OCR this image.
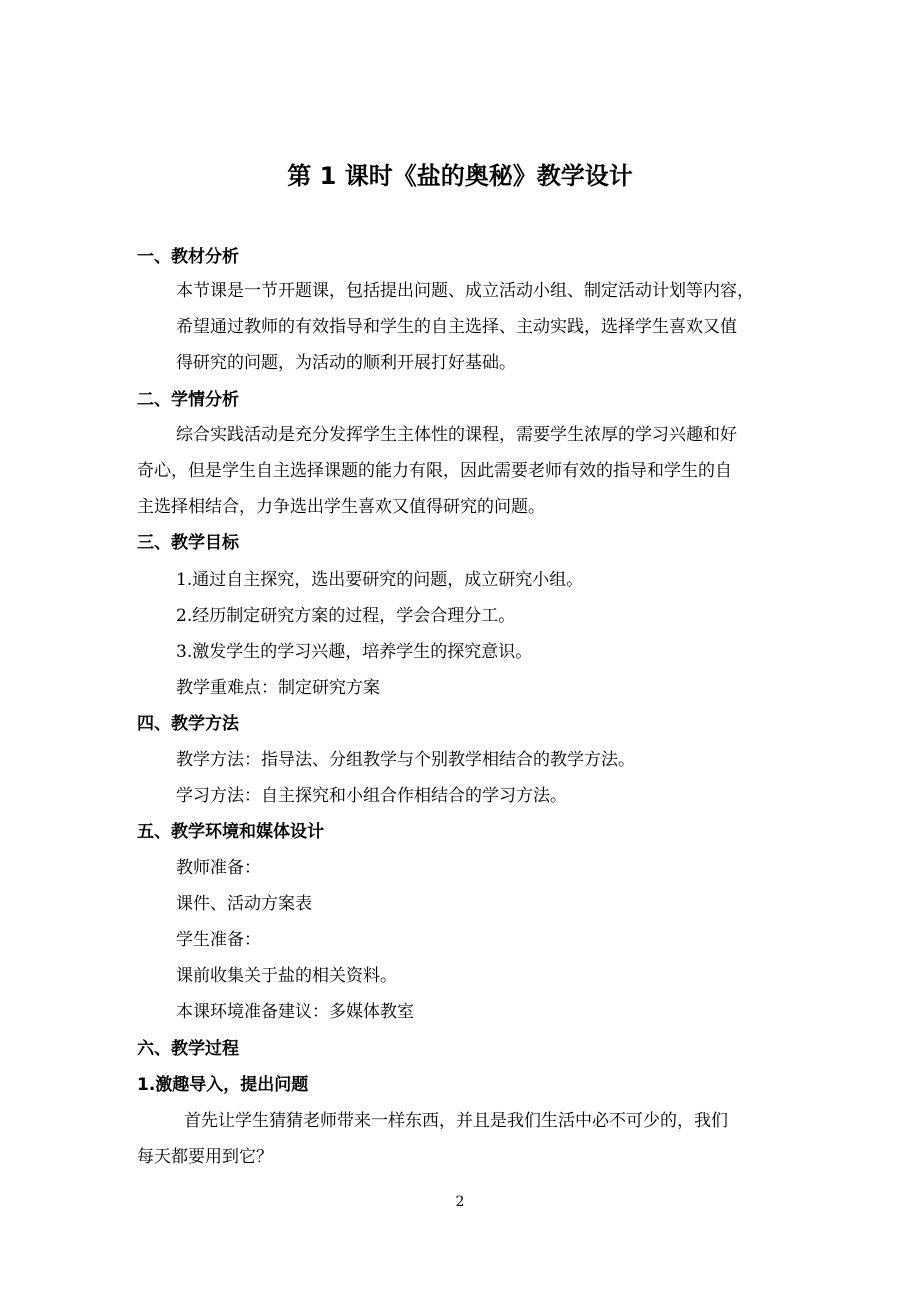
第 1 课时《盐的奥秘》教学设计
一、教材分析
本节课是一节开题课，包括提出问题、成立活动小组、制定活动计划等内容，
希望通过教师的有效指导和学生的自主选择、主动实践，选择学生喜欢又值
得研究的问题，为活动的顺利开展打好基础。
二、学情分析
综合实践活动是充分发挥学生主体性的课程，需要学生浓厚的学习兴趣和好
奇心，但是学生自主选择课题的能力有限，因此需要老师有效的指导和学生的自
主选择相结合，力争选出学生喜欢又值得研究的问题。
三、教学目标
1.通过自主探究，选出要研究的问题，成立研究小组。
2.经历制定研究方案的过程，学会合理分工。
3.激发学生的学习兴趣，培养学生的探究意识。
教学重难点：制定研究方案
四、教学方法
教学方法：指导法、分组教学与个别教学相结合的教学方法。
学习方法：自主探究和小组合作相结合的学习方法。
五、教学环境和媒体设计
教师准备：
课件、活动方案表
学生准备：
课前收集关于盐的相关资料。
本课环境准备建议：多媒体教室
六、教学过程
1.激趣导入，提出问题
首先让学生猜猜老师带来一样东西，并且是我们生活中必不可少的，我们
每天都要用到它？
2
